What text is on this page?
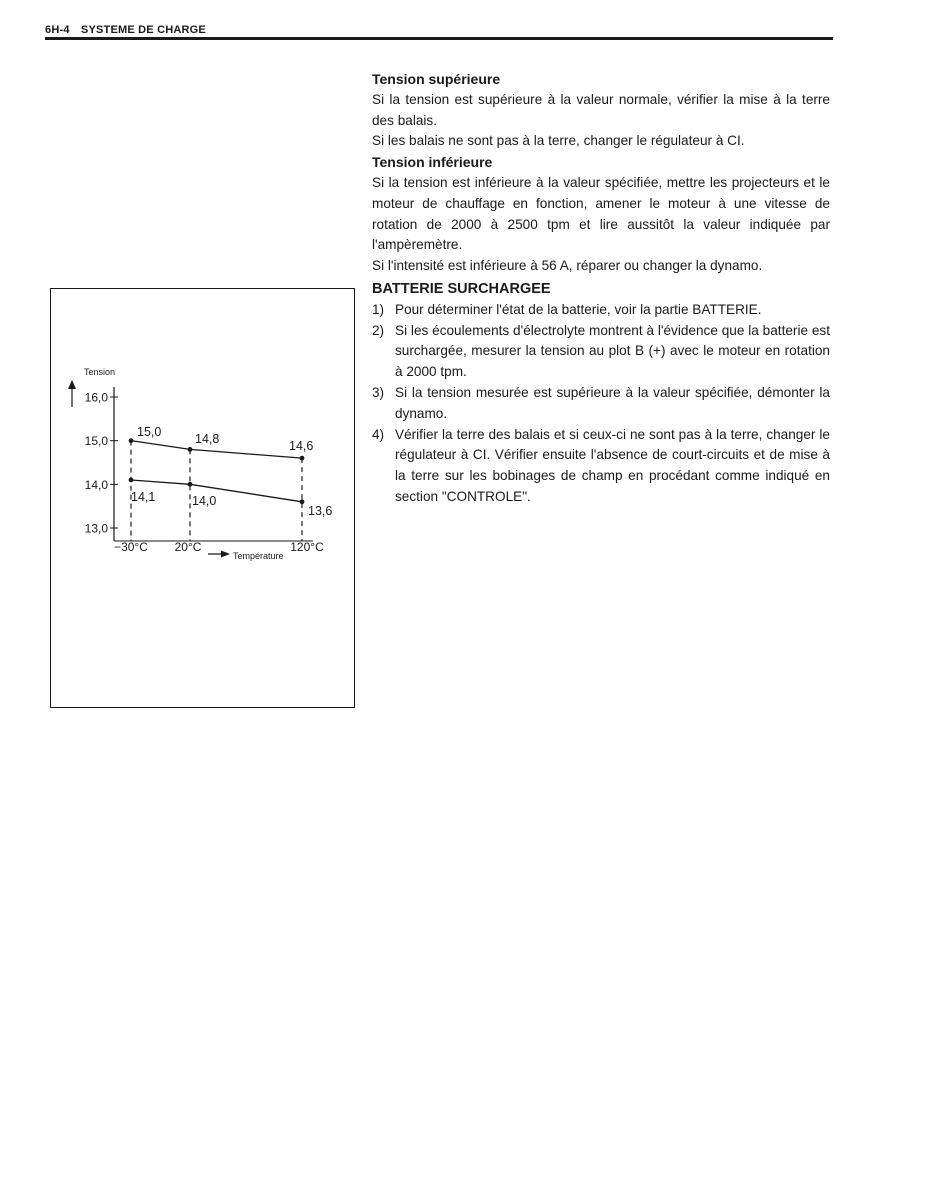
6H-4 SYSTEME DE CHARGE
Tension
16,0
15,0
14,0
13,0
−30°C 20°C	120°C
Température
15,0	14,8	14,6
14,1	14,0
13,6
Tension supérieure

Si la tension est supérieure à la valeur normale, vérifier la mise à la terre des balais.

Si les balais ne sont pas à la terre, changer le régulateur à CI.

Tension inférieure

Si la tension est inférieure à la valeur spécifiée, mettre les projecteurs et le moteur de chauffage en fonction, amener le moteur à une vitesse de rotation de 2000 à 2500 tpm et lire aussitôt la valeur indiquée par l'ampèremètre.

Si l'intensité est inférieure à 56 A, réparer ou changer la dynamo.

BATTERIE SURCHARGEE
1) Pour déterminer l'état de la batterie, voir la partie BATTERIE.
2) Si les écoulements d'électrolyte montrent à l'évidence que la batterie est surchargée, mesurer la tension au plot B (+) avec le moteur en rotation à 2000 tpm.
3) Si la tension mesurée est supérieure à la valeur spécifiée, démonter la dynamo.
4) Vérifier la terre des balais et si ceux-ci ne sont pas à la terre, changer le régulateur à CI. Vérifier ensuite l'absence de court-circuits et de mise à la terre sur les bobinages de champ en procédant comme indiqué en section "CONTROLE".
